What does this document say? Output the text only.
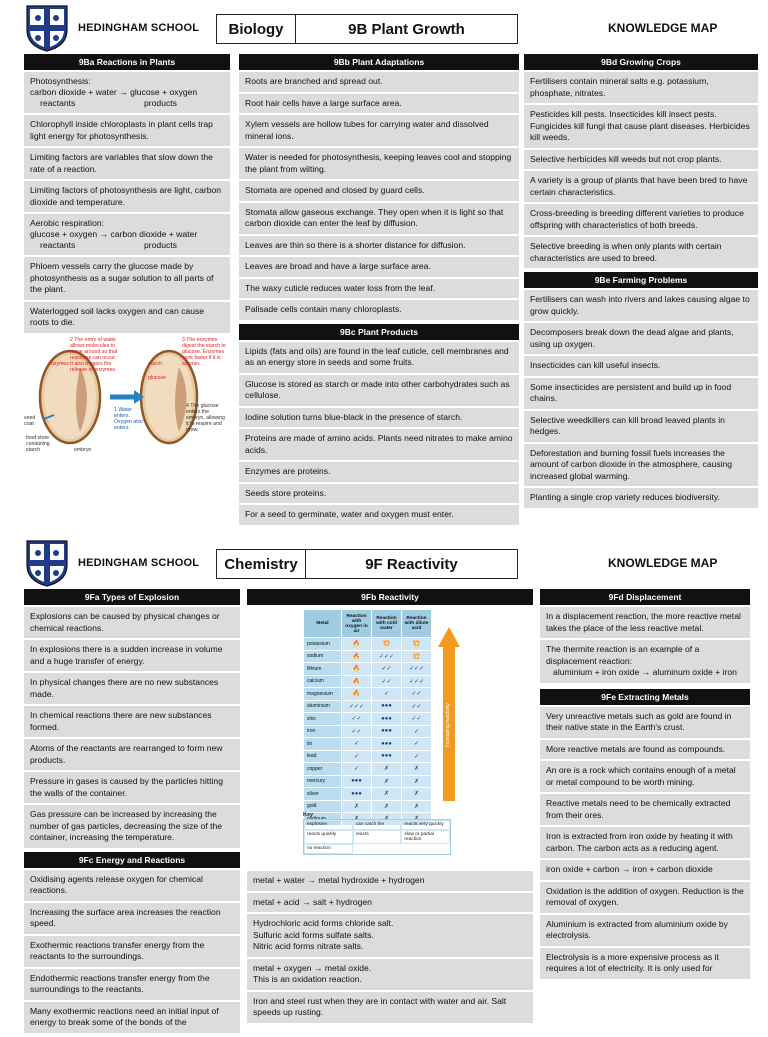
HEDINGHAM SCHOOL	Biology	9B Plant Growth	KNOWLEDGE MAP
9Ba Reactions in Plants
Photosynthesis:
carbon dioxide + water → glucose + oxygen
reactants	products
Chlorophyll inside chloroplasts in plant cells trap light energy for photosynthesis.
Limiting factors are variables that slow down the rate of a reaction.
Limiting factors of photosynthesis are light, carbon dioxide and temperature.
Aerobic respiration:
glucose + oxygen → carbon dioxide + water
reactants	products
Phloem vessels carry the glucose made by photosynthesis as a sugar solution to all parts of the plant.
Waterlogged soil lacks oxygen and can cause roots to die.
2 The entry of water allows molecules to move around so that reactions can occur. It also triggers the release of enzymes.
3 The enzymes digest the starch to glucose. Enzymes work faster if it is warmer.
1 Water enters. Oxygen also enters.
4 The glucose enters the embryo, allowing it to respire and grow.
enzymes	starch
glucose
seed coat
food store containing starch	embryo
9Bb Plant Adaptations
Roots are branched and spread out.
Root hair cells have a large surface area.
Xylem vessels are hollow tubes for carrying water and dissolved mineral ions.
Water is needed for photosynthesis, keeping leaves cool and stopping the plant from wilting.
Stomata are opened and closed by guard cells.
Stomata allow gaseous exchange. They open when it is light so that carbon dioxide can enter the leaf by diffusion.
Leaves are thin so there is a shorter distance for diffusion.
Leaves are broad and have a large surface area.
The waxy cuticle reduces water loss from the leaf.
Palisade cells contain many chloroplasts.
9Bc Plant Products
Lipids (fats and oils) are found in the leaf cuticle, cell membranes and as an energy store in seeds and some fruits.
Glucose is stored as starch or made into other carbohydrates such as cellulose.
Iodine solution turns blue-black in the presence of starch.
Proteins are made of amino acids. Plants need nitrates to make amino acids.
Enzymes are proteins.
Seeds store proteins.
For a seed to germinate, water and oxygen must enter.
9Bd Growing Crops
Fertilisers contain mineral salts e.g. potassium, phosphate, nitrates.
Pesticides kill pests. Insecticides kill insect pests. Fungicides kill fungi that cause plant diseases. Herbicides kill weeds.
Selective herbicides kill weeds but not crop plants.
A variety is a group of plants that have been bred to have certain characteristics.
Cross-breeding is breeding different varieties to produce offspring with characteristics of both breeds.
Selective breeding is when only plants with certain characteristics are used to breed.
9Be Farming Problems
Fertilisers can wash into rivers and lakes causing algae to grow quickly.
Decomposers break down the dead algae and plants, using up oxygen.
Insecticides can kill useful insects.
Some insecticides are persistent and build up in food chains.
Selective weedkillers can kill broad leaved plants in hedges.
Deforestation and burning fossil fuels increases the amount of carbon dioxide in the atmosphere, causing increased global warming.
Planting a single crop variety reduces biodiversity.
HEDINGHAM SCHOOL	Chemistry	9F Reactivity	KNOWLEDGE MAP
9Fa Types of Explosion
Explosions can be caused by physical changes or chemical reactions.
In explosions there is a sudden increase in volume and a huge transfer of energy.
In physical changes there are no new substances made.
In chemical reactions there are new substances formed.
Atoms of the reactants are rearranged to form new products.
Pressure in gases is caused by the particles hitting the walls of the container.
Gas pressure can be increased by increasing the number of gas particles, decreasing the size of the container, increasing the temperature.
9Fc Energy and Reactions
Oxidising agents release oxygen for chemical reactions.
Increasing the surface area increases the reaction speed.
Exothermic reactions transfer energy from the reactants to the surroundings.
Endothermic reactions transfer energy from the surroundings to the reactants.
Many exothermic reactions need an initial input of energy to break some of the bonds of the
9Fb Reactivity
Metal	Reaction with oxygen in air	Reaction with cold water	Reaction with dilute acid
potassium	🔥	💥	💥
sodium	🔥	✓✓✓	💥
lithium	🔥	✓✓	✓✓✓
calcium	🔥	✓✓	✓✓✓
magnesium	🔥	✓	✓✓
aluminium	✓✓✓	●●●	✓✓
zinc	✓✓	●●●	✓✓
iron	✓✓	●●●	✓
tin	✓	●●●	✓
lead	✓	●●●	✓
copper	✓	✗	✗
mercury	●●●	✗	✗
silver	●●●	✗	✗
gold	✗	✗	✗
platinum	✗	✗	✗
increasing reactivity
Key
explosive	can catch fire	reacts very quickly
reacts quickly	reacts	slow or partial reaction
no reaction
metal + water → metal hydroxide + hydrogen
metal + acid → salt + hydrogen
Hydrochloric acid forms chloride salt.
Sulfuric acid forms sulfate salts.
Nitric acid forms nitrate salts.
metal + oxygen → metal oxide.
This is an oxidation reaction.
Iron and steel rust when they are in contact with water and air. Salt speeds up rusting.
9Fd Displacement
In a displacement reaction, the more reactive metal takes the place of the less reactive metal.
The thermite reaction is an example of a displacement reaction:
aluminium + iron oxide → aluminum oxide + iron
9Fe Extracting Metals
Very unreactive metals such as gold are found in their native state in the Earth's crust.
More reactive metals are found as compounds.
An ore is a rock which contains enough of a metal or metal compound to be worth mining.
Reactive metals need to be chemically extracted from their ores.
Iron is extracted from iron oxide by heating it with carbon. The carbon acts as a reducing agent.
iron oxide + carbon → iron + carbon dioxide
Oxidation is the addition of oxygen. Reduction is the removal of oxygen.
Aluminium is extracted from aluminium oxide by electrolysis.
Electrolysis is a more expensive process as it requires a lot of electricity. It is only used for
